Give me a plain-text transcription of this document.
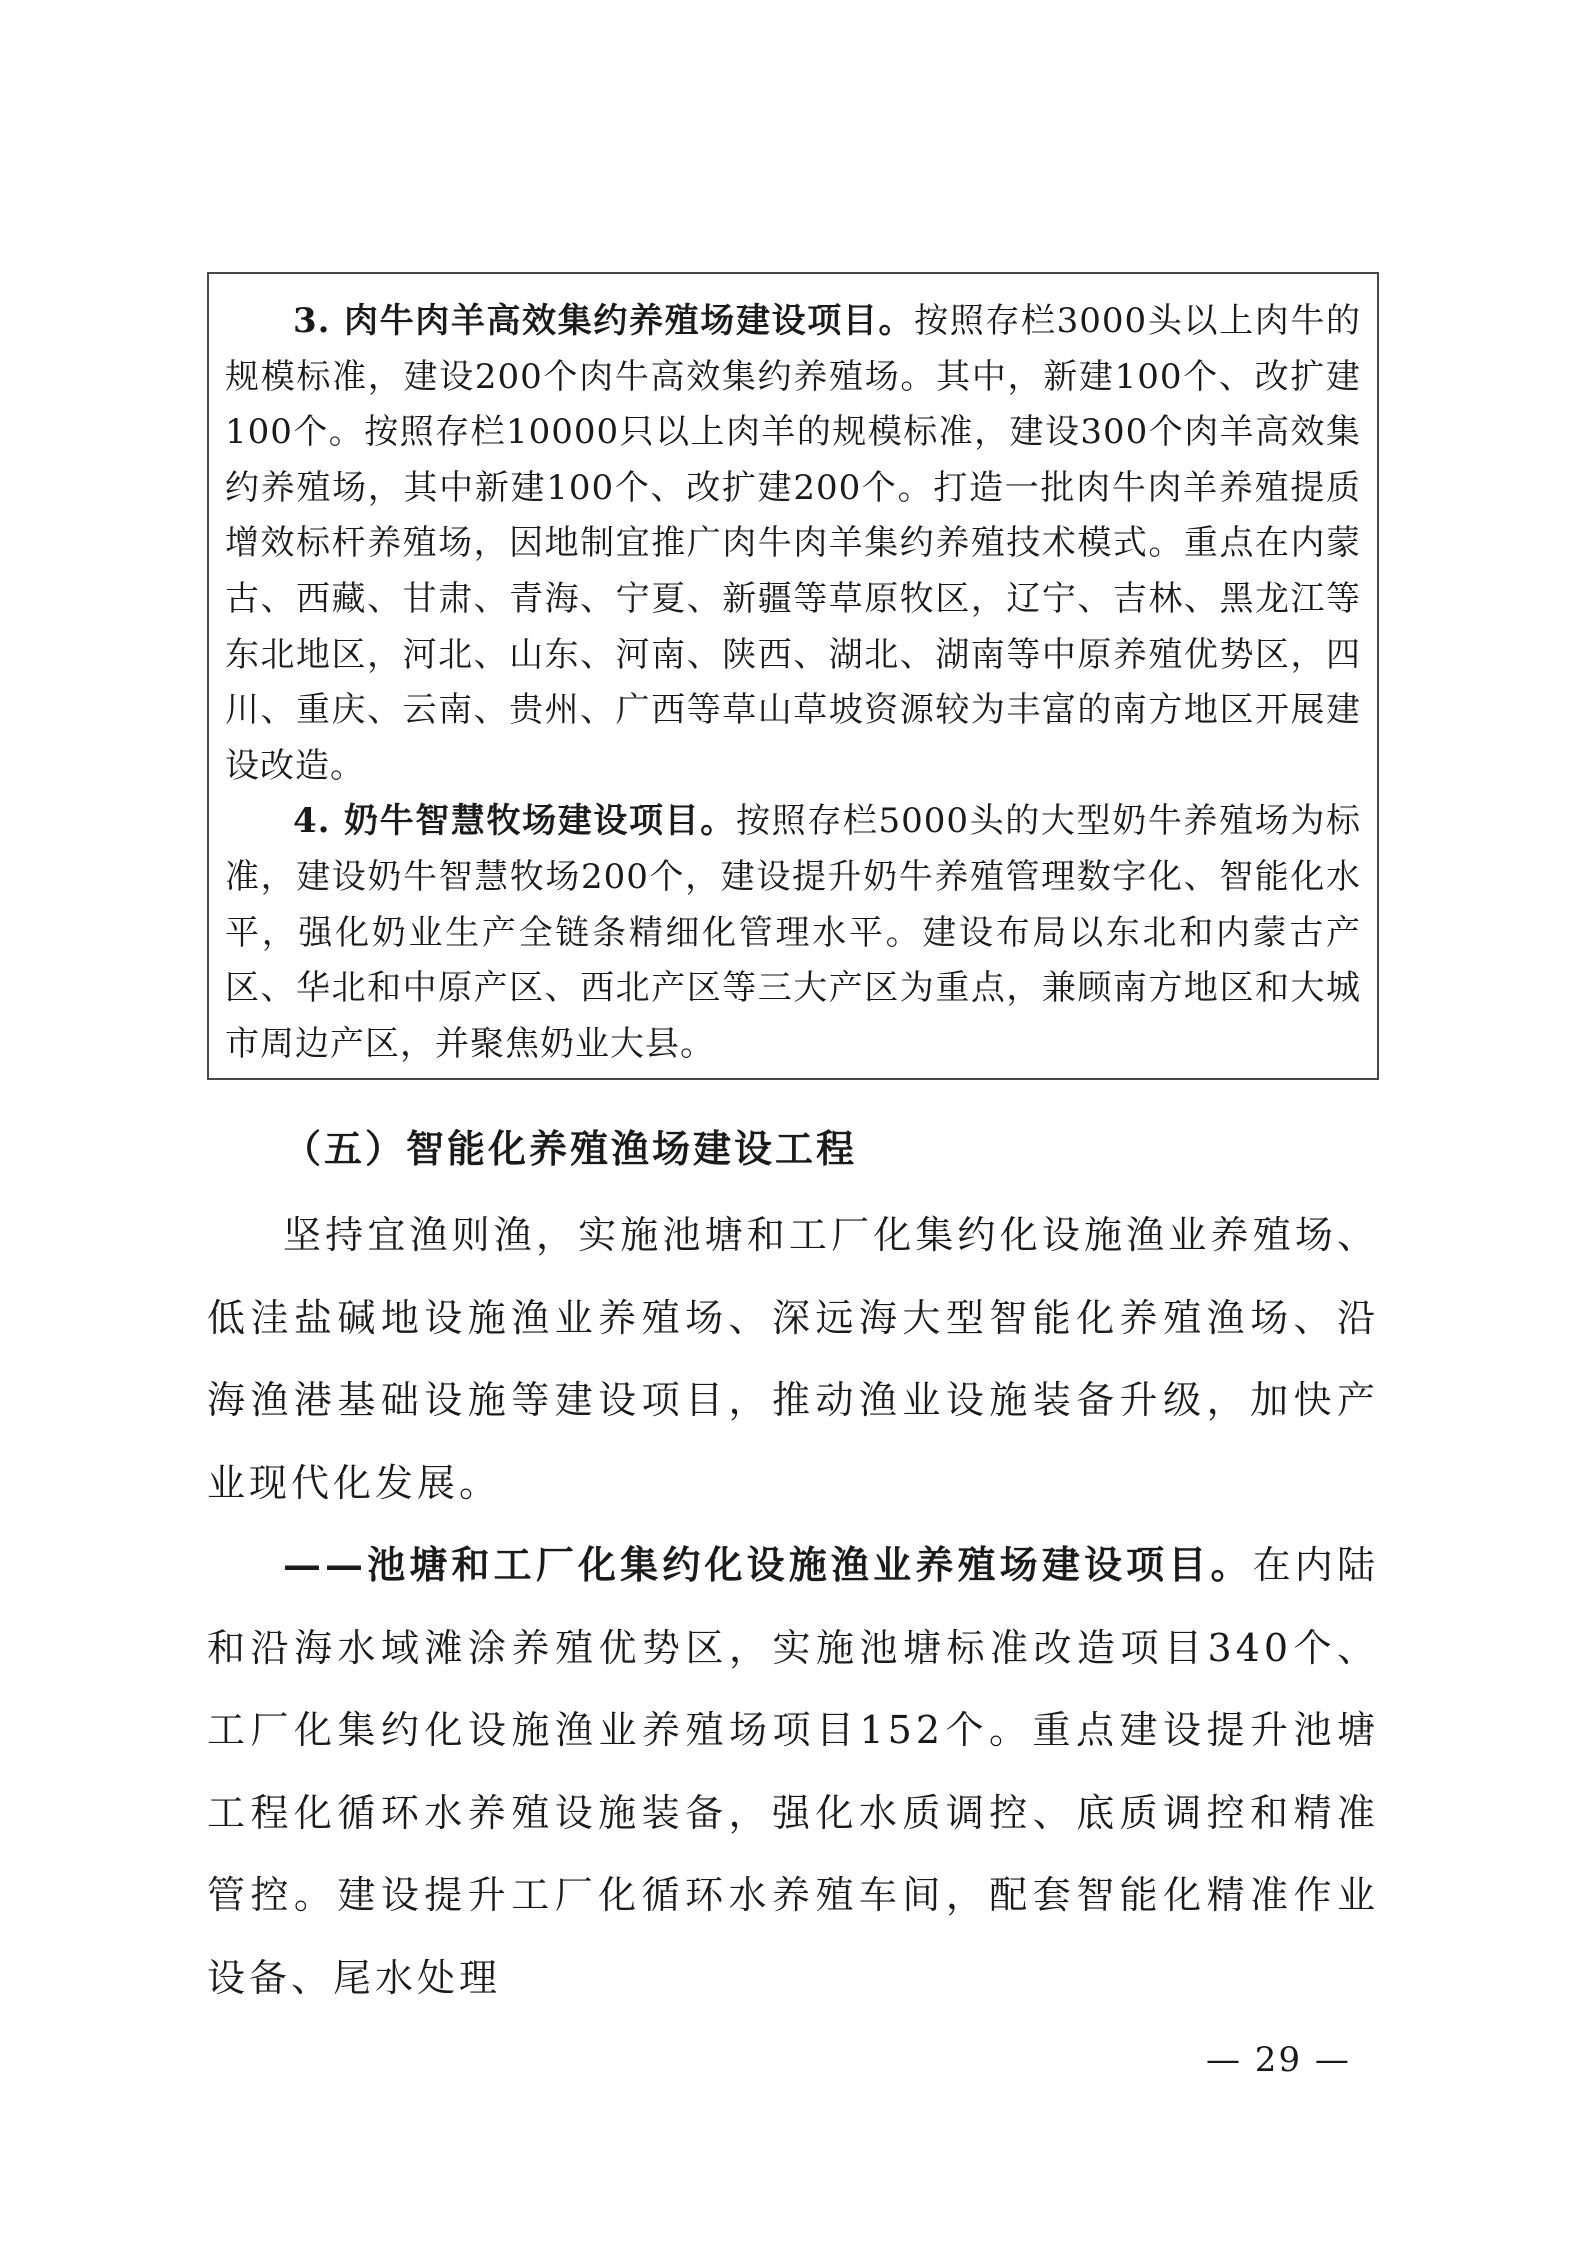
3. 肉牛肉羊高效集约养殖场建设项目。按照存栏3000头以上肉牛的规模标准，建设200个肉牛高效集约养殖场。其中，新建100个、改扩建100个。按照存栏10000只以上肉羊的规模标准，建设300个肉羊高效集约养殖场，其中新建100个、改扩建200个。打造一批肉牛肉羊养殖提质增效标杆养殖场，因地制宜推广肉牛肉羊集约养殖技术模式。重点在内蒙古、西藏、甘肃、青海、宁夏、新疆等草原牧区，辽宁、吉林、黑龙江等东北地区，河北、山东、河南、陕西、湖北、湖南等中原养殖优势区，四川、重庆、云南、贵州、广西等草山草坡资源较为丰富的南方地区开展建设改造。

4. 奶牛智慧牧场建设项目。按照存栏5000头的大型奶牛养殖场为标准，建设奶牛智慧牧场200个，建设提升奶牛养殖管理数字化、智能化水平，强化奶业生产全链条精细化管理水平。建设布局以东北和内蒙古产区、华北和中原产区、西北产区等三大产区为重点，兼顾南方地区和大城市周边产区，并聚焦奶业大县。

（五）智能化养殖渔场建设工程

坚持宜渔则渔，实施池塘和工厂化集约化设施渔业养殖场、低洼盐碱地设施渔业养殖场、深远海大型智能化养殖渔场、沿海渔港基础设施等建设项目，推动渔业设施装备升级，加快产业现代化发展。

——池塘和工厂化集约化设施渔业养殖场建设项目。在内陆和沿海水域滩涂养殖优势区，实施池塘标准改造项目340个、工厂化集约化设施渔业养殖场项目152个。重点建设提升池塘工程化循环水养殖设施装备，强化水质调控、底质调控和精准管控。建设提升工厂化循环水养殖车间，配套智能化精准作业设备、尾水处理

— 29 —
